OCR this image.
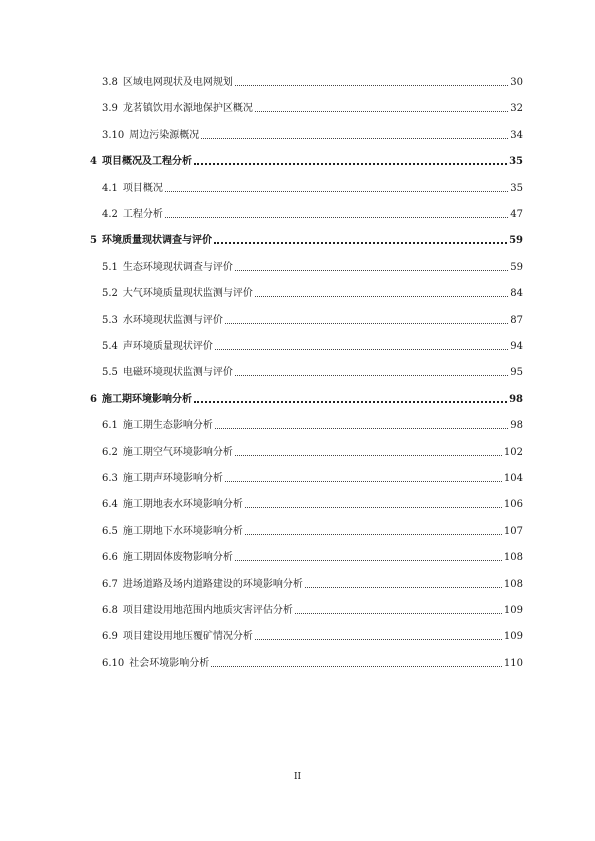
3.8 区域电网现状及电网规划	30
3.9 龙茗镇饮用水源地保护区概况	32
3.10 周边污染源概况	34
4 项目概况及工程分析	35
4.1 项目概况	35
4.2 工程分析	47
5 环境质量现状调查与评价	59
5.1 生态环境现状调查与评价	59
5.2 大气环境质量现状监测与评价	84
5.3 水环境现状监测与评价	87
5.4 声环境质量现状评价	94
5.5 电磁环境现状监测与评价	95
6 施工期环境影响分析	98
6.1 施工期生态影响分析	98
6.2 施工期空气环境影响分析	102
6.3 施工期声环境影响分析	104
6.4 施工期地表水环境影响分析	106
6.5 施工期地下水环境影响分析	107
6.6 施工期固体废物影响分析	108
6.7 进场道路及场内道路建设的环境影响分析	108
6.8 项目建设用地范围内地质灾害评估分析	109
6.9 项目建设用地压覆矿情况分析	109
6.10 社会环境影响分析	110
II
